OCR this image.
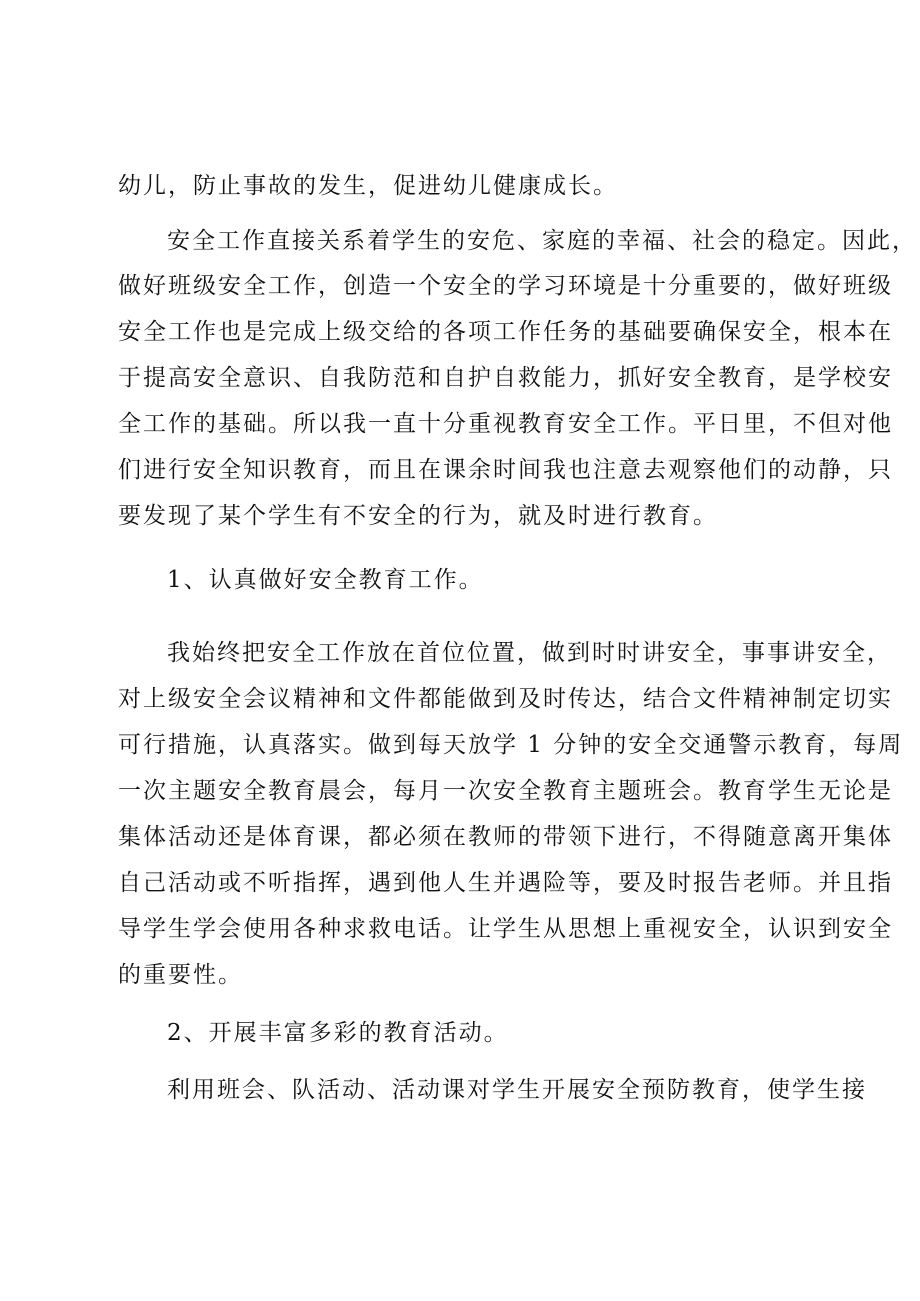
幼儿，防止事故的发生，促进幼儿健康成长。
安全工作直接关系着学生的安危、家庭的幸福、社会的稳定。因此，
做好班级安全工作，创造一个安全的学习环境是十分重要的，做好班级
安全工作也是完成上级交给的各项工作任务的基础要确保安全，根本在
于提高安全意识、自我防范和自护自救能力，抓好安全教育，是学校安
全工作的基础。所以我一直十分重视教育安全工作。平日里，不但对他
们进行安全知识教育，而且在课余时间我也注意去观察他们的动静，只
要发现了某个学生有不安全的行为，就及时进行教育。
1、认真做好安全教育工作。
我始终把安全工作放在首位位置，做到时时讲安全，事事讲安全，
对上级安全会议精神和文件都能做到及时传达，结合文件精神制定切实
可行措施，认真落实。做到每天放学 1 分钟的安全交通警示教育，每周
一次主题安全教育晨会，每月一次安全教育主题班会。教育学生无论是
集体活动还是体育课，都必须在教师的带领下进行，不得随意离开集体
自己活动或不听指挥，遇到他人生并遇险等，要及时报告老师。并且指
导学生学会使用各种求救电话。让学生从思想上重视安全，认识到安全
的重要性。
2、开展丰富多彩的教育活动。
利用班会、队活动、活动课对学生开展安全预防教育，使学生接
